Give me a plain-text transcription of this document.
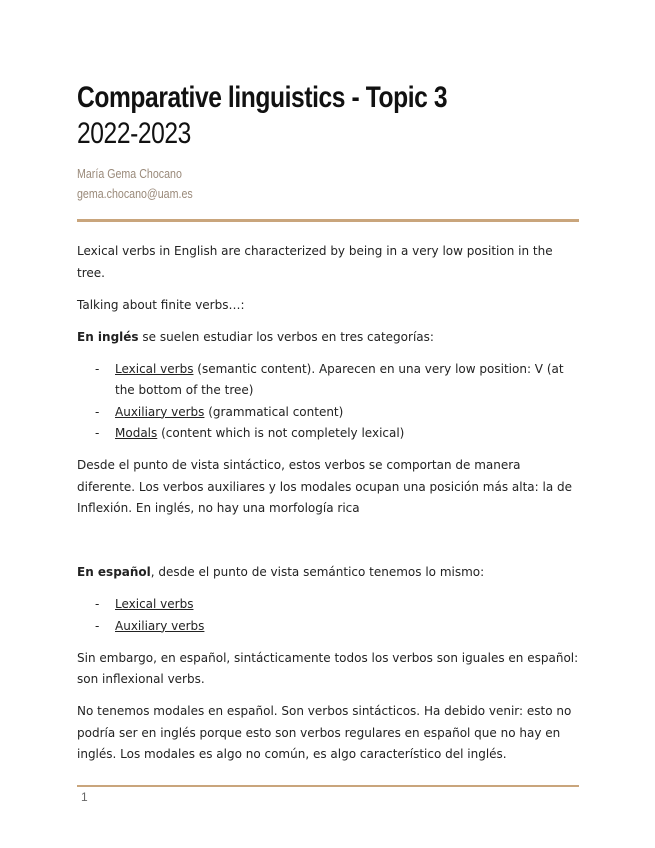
Comparative linguistics - Topic 3
2022-2023
María Gema Chocano
gema.chocano@uam.es

Lexical verbs in English are characterized by being in a very low position in the tree.

Talking about finite verbs…:

En inglés se suelen estudiar los verbos en tres categorías:

- Lexical verbs (semantic content). Aparecen en una very low position: V (at the bottom of the tree)
- Auxiliary verbs (grammatical content)
- Modals (content which is not completely lexical)

Desde el punto de vista sintáctico, estos verbos se comportan de manera diferente. Los verbos auxiliares y los modales ocupan una posición más alta: la de Inflexión. En inglés, no hay una morfología rica

En español, desde el punto de vista semántico tenemos lo mismo:

- Lexical verbs
- Auxiliary verbs

Sin embargo, en español, sintácticamente todos los verbos son iguales en español: son inflexional verbs.

No tenemos modales en español. Son verbos sintácticos. Ha debido venir: esto no podría ser en inglés porque esto son verbos regulares en español que no hay en inglés. Los modales es algo no común, es algo característico del inglés.

1
